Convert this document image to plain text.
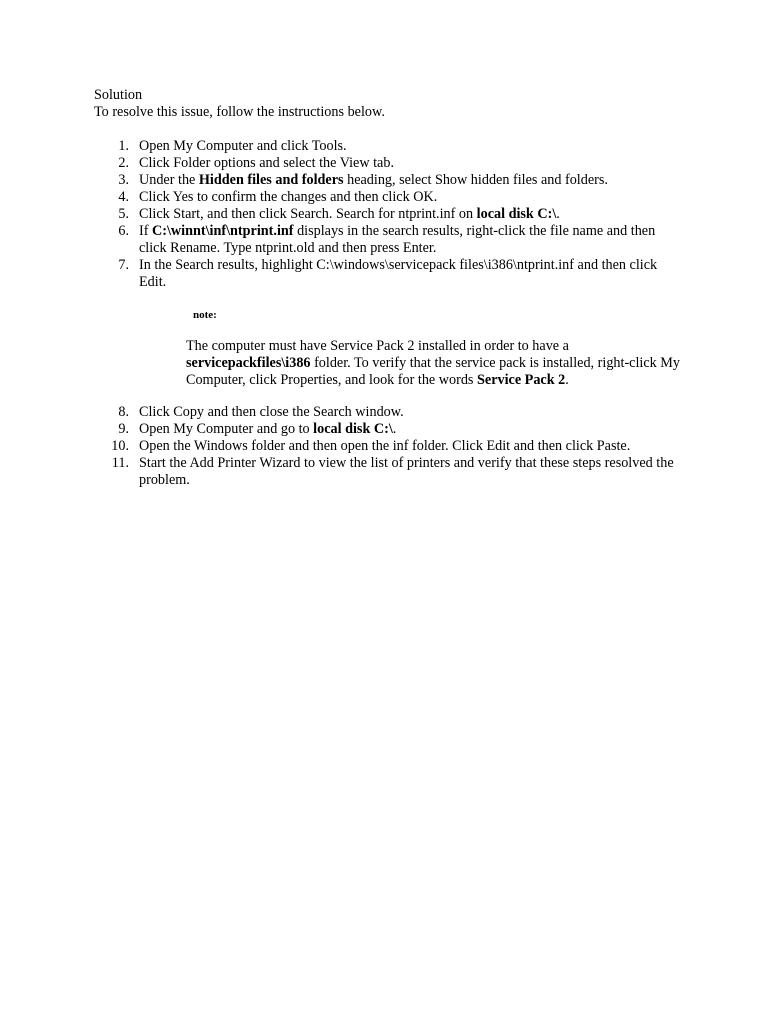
Solution

To resolve this issue, follow the instructions below.

1. Open My Computer and click Tools.
2. Click Folder options and select the View tab.
3. Under the Hidden files and folders heading, select Show hidden files and folders.
4. Click Yes to confirm the changes and then click OK.
5. Click Start, and then click Search. Search for ntprint.inf on local disk C:\.
6. If C:\winnt\inf\ntprint.inf displays in the search results, right-click the file name and then click Rename. Type ntprint.old and then press Enter.
7. In the Search results, highlight C:\windows\servicepack files\i386\ntprint.inf and then click Edit.

note:

The computer must have Service Pack 2 installed in order to have a servicepackfiles\i386 folder. To verify that the service pack is installed, right-click My Computer, click Properties, and look for the words Service Pack 2.

8. Click Copy and then close the Search window.
9. Open My Computer and go to local disk C:\.
10. Open the Windows folder and then open the inf folder. Click Edit and then click Paste.
11. Start the Add Printer Wizard to view the list of printers and verify that these steps resolved the problem.
